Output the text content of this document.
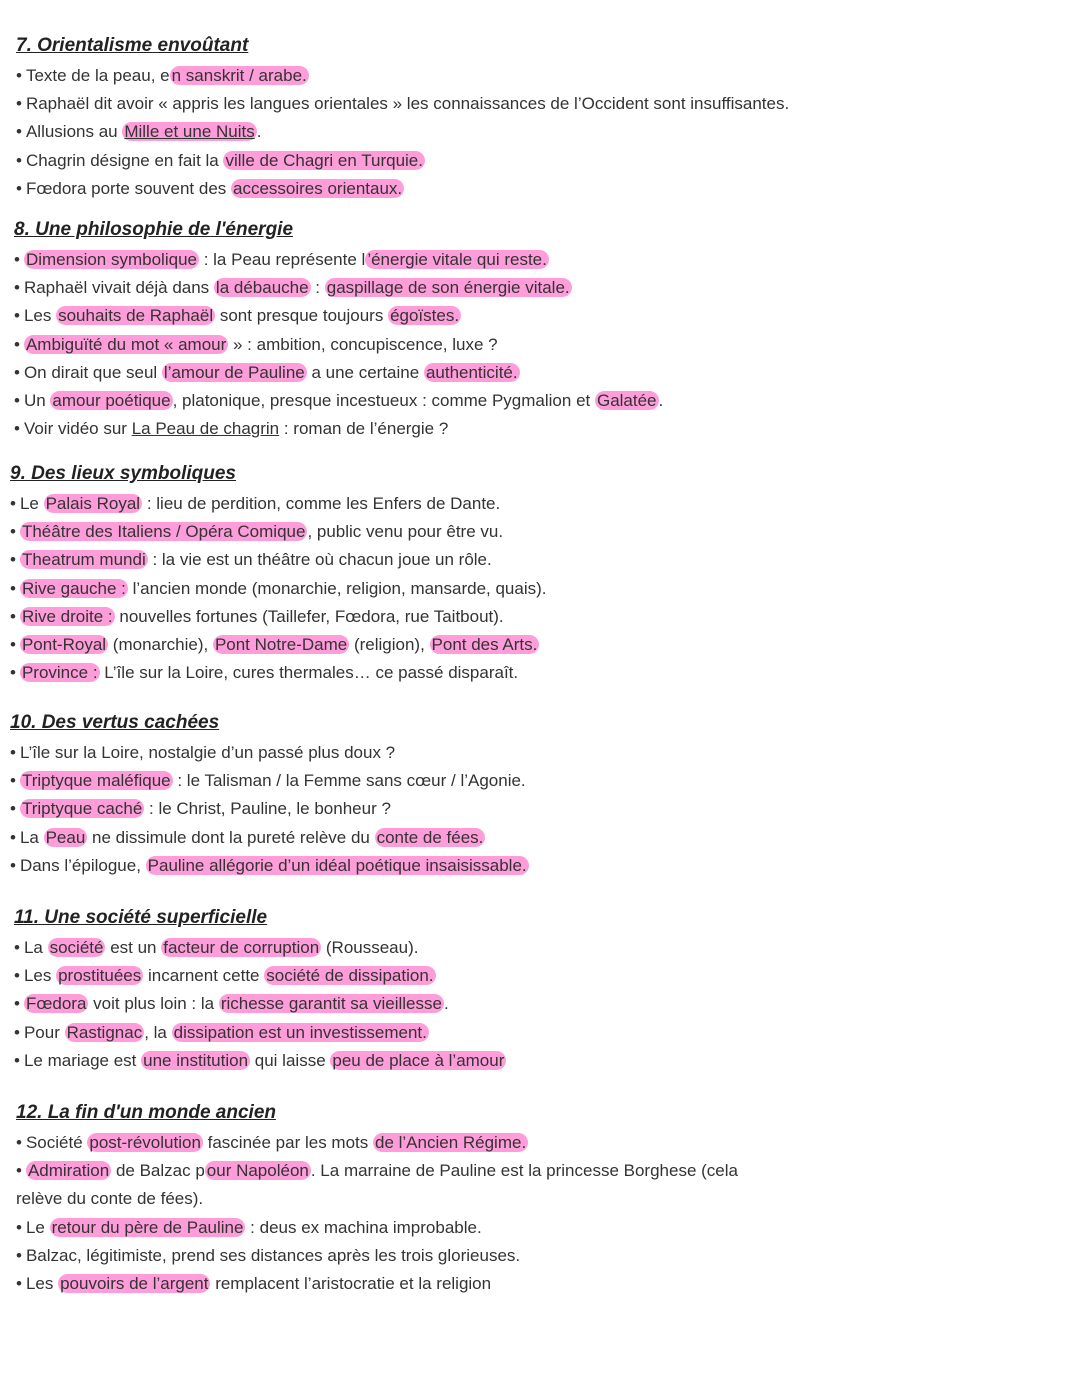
7. Orientalisme envoûtant
• Texte de la peau, e n sanskrit / arabe.
• Raphaël dit avoir « appris les langues orientales » les connaissances de l’Occident sont insuffisantes.
• Allusions au Mille et une Nuits .
• Chagrin désigne en fait la ville de Chagri en Turquie.
• Fœdora porte souvent des accessoires orientaux.
8. Une philosophie de l'énergie
• Dimension symbolique : la Peau représente l ’énergie vitale qui reste.
• Raphaël vivait déjà dans la débauche : gaspillage de son énergie vitale.
• Les souhaits de Raphaël sont presque toujours égoïstes.
• Ambiguïté du mot « amour » : ambition, concupiscence, luxe ?
• On dirait que seul l’amour de Pauline a une certaine authenticité.
• Un amour poétique , platonique, presque incestueux : comme Pygmalion et Galatée .
• Voir vidéo sur La Peau de chagrin : roman de l’énergie ?
9. Des lieux symboliques
• Le Palais Royal : lieu de perdition, comme les Enfers de Dante.
• Théâtre des Italiens / Opéra Comique , public venu pour être vu.
• Theatrum mundi : la vie est un théâtre où chacun joue un rôle.
• Rive gauche : l’ancien monde (monarchie, religion, mansarde, quais).
• Rive droite : nouvelles fortunes (Taillefer, Fœdora, rue Taitbout).
• Pont-Royal (monarchie), Pont Notre-Dame (religion), Pont des Arts.
• Province : L’île sur la Loire, cures thermales… ce passé disparaît.
10. Des vertus cachées
• L’île sur la Loire, nostalgie d’un passé plus doux ?
• Triptyque maléfique : le Talisman / la Femme sans cœur / l’Agonie.
• Triptyque caché : le Christ, Pauline, le bonheur ?
• La Peau ne dissimule dont la pureté relève du conte de fées.
• Dans l’épilogue, Pauline allégorie d’un idéal poétique insaisissable.
11. Une société superficielle
• La société est un facteur de corruption (Rousseau).
• Les prostituées incarnent cette société de dissipation.
• Fœdora voit plus loin : la richesse garantit sa vieillesse .
• Pour Rastignac , la dissipation est un investissement.
• Le mariage est une institution qui laisse peu de place à l’amour
12. La fin d'un monde ancien
• Société post-révolution fascinée par les mots de l’Ancien Régime.
• Admiration de Balzac p our Napoléon . La marraine de Pauline est la princesse Borghese (cela relève du conte de fées).
• Le retour du père de Pauline : deus ex machina improbable.
• Balzac, légitimiste, prend ses distances après les trois glorieuses.
• Les pouvoirs de l’argent remplacent l’aristocratie et la religion
